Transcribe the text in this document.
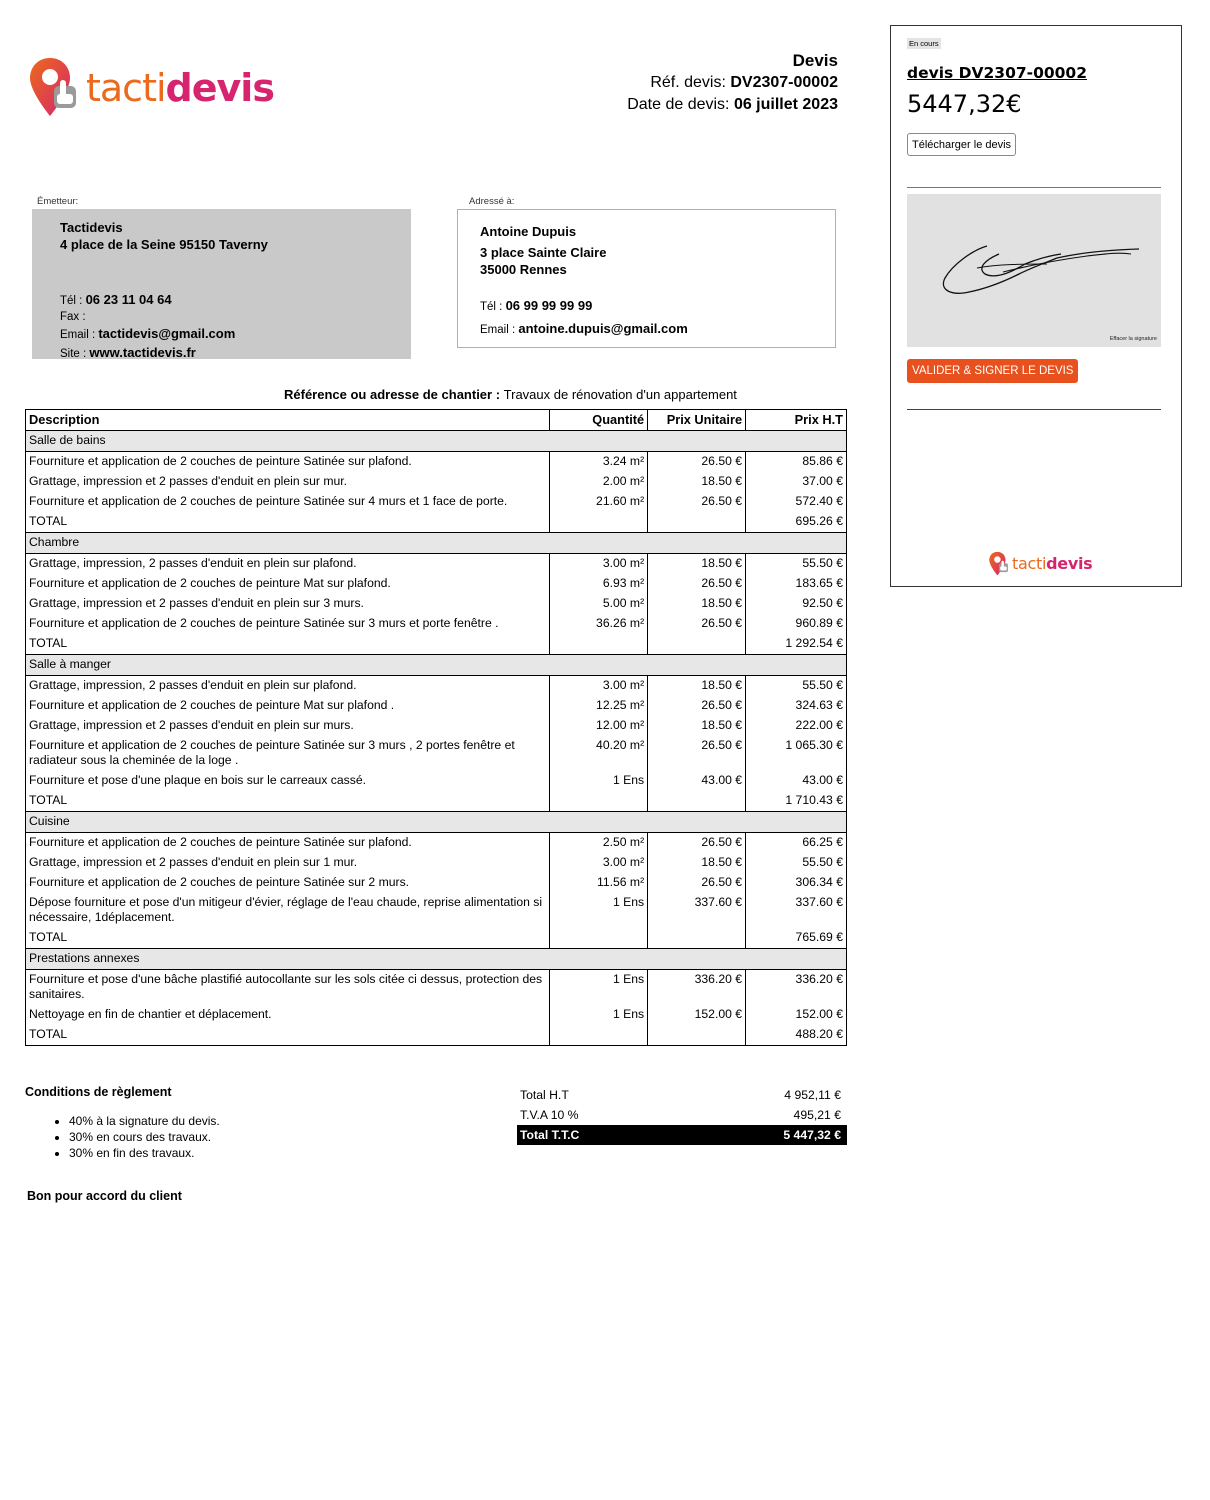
tactidevis
Devis
Réf. devis: DV2307-00002
Date de devis: 06 juillet 2023
Émetteur:
Tactidevis
4 place de la Seine 95150 Taverny
Tél : 06 23 11 04 64
Fax :
Email : tactidevis@gmail.com
Site : www.tactidevis.fr
Adressé à:
Antoine Dupuis
3 place Sainte Claire
35000 Rennes
Tél : 06 99 99 99 99
Email : antoine.dupuis@gmail.com
Référence ou adresse de chantier : Travaux de rénovation d'un appartement
Description	Quantité	Prix Unitaire	Prix H.T
Salle de bains			
Fourniture et application de 2 couches de peinture Satinée sur plafond.	3.24 m²	26.50 €	85.86 €
Grattage, impression et 2 passes d'enduit en plein sur mur.	2.00 m²	18.50 €	37.00 €
Fourniture et application de 2 couches de peinture Satinée sur 4 murs et 1 face de porte.	21.60 m²	26.50 €	572.40 €
TOTAL			695.26 €
Chambre			
Grattage, impression, 2 passes d'enduit en plein sur plafond.	3.00 m²	18.50 €	55.50 €
Fourniture et application de 2 couches de peinture Mat sur plafond.	6.93 m²	26.50 €	183.65 €
Grattage, impression et 2 passes d'enduit en plein sur 3 murs.	5.00 m²	18.50 €	92.50 €
Fourniture et application de 2 couches de peinture Satinée sur 3 murs et porte fenêtre .	36.26 m²	26.50 €	960.89 €
TOTAL			1 292.54 €
Salle à manger			
Grattage, impression, 2 passes d'enduit en plein sur plafond.	3.00 m²	18.50 €	55.50 €
Fourniture et application de 2 couches de peinture Mat sur plafond .	12.25 m²	26.50 €	324.63 €
Grattage, impression et 2 passes d'enduit en plein sur murs.	12.00 m²	18.50 €	222.00 €
Fourniture et application de 2 couches de peinture Satinée sur 3 murs , 2 portes fenêtre et radiateur sous la cheminée de la loge .	40.20 m²	26.50 €	1 065.30 €
Fourniture et pose d'une plaque en bois sur le carreaux cassé.	1 Ens	43.00 €	43.00 €
TOTAL			1 710.43 €
Cuisine			
Fourniture et application de 2 couches de peinture Satinée sur plafond.	2.50 m²	26.50 €	66.25 €
Grattage, impression et 2 passes d'enduit en plein sur 1 mur.	3.00 m²	18.50 €	55.50 €
Fourniture et application de 2 couches de peinture Satinée sur 2 murs.	11.56 m²	26.50 €	306.34 €
Dépose fourniture et pose d'un mitigeur d'évier, réglage de l'eau chaude, reprise alimentation si nécessaire, 1déplacement.	1 Ens	337.60 €	337.60 €
TOTAL			765.69 €
Prestations annexes			
Fourniture et pose d'une bâche plastifié autocollante sur les sols citée ci dessus, protection des sanitaires.	1 Ens	336.20 €	336.20 €
Nettoyage en fin de chantier et déplacement.	1 Ens	152.00 €	152.00 €
TOTAL			488.20 €
Conditions de règlement
• 40% à la signature du devis.
• 30% en cours des travaux.
• 30% en fin des travaux.
Total H.T	4 952,11 €
T.V.A 10 %	495,21 €
Total T.T.C	5 447,32 €
Bon pour accord du client
En cours
devis DV2307-00002
5447,32€
Télécharger le devis
Effacer la signature
VALIDER & SIGNER LE DEVIS
tactidevis
